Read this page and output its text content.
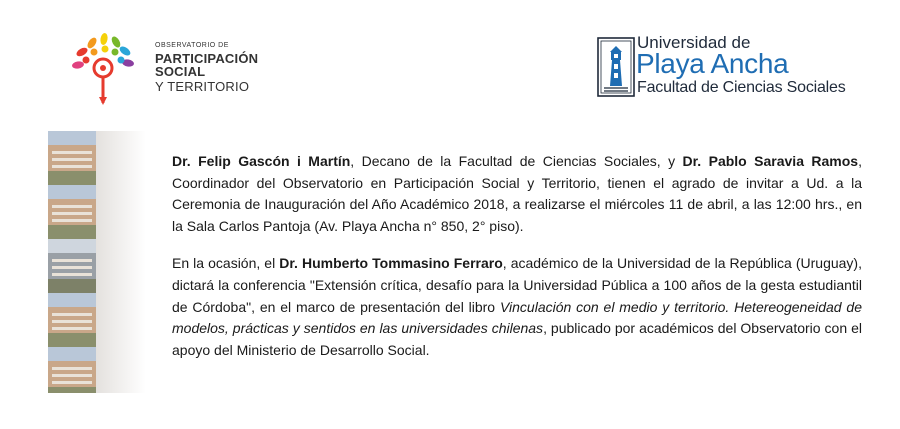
OBSERVATORIO DE
PARTICIPACIÓN SOCIAL
Y TERRITORIO
Universidad de
Playa Ancha
Facultad de Ciencias Sociales

Dr. Felip Gascón i Martín, Decano de la Facultad de Ciencias Sociales, y Dr. Pablo Saravia Ramos, Coordinador del Observatorio en Participación Social y Territorio, tienen el agrado de invitar a Ud. a la Ceremonia de Inauguración del Año Académico 2018, a realizarse el miércoles 11 de abril, a las 12:00 hrs., en la Sala Carlos Pantoja (Av. Playa Ancha n° 850, 2° piso).

En la ocasión, el Dr. Humberto Tommasino Ferraro, académico de la Universidad de la República (Uruguay), dictará la conferencia "Extensión crítica, desafío para la Universidad Pública a 100 años de la gesta estudiantil de Córdoba", en el marco de presentación del libro Vinculación con el medio y territorio. Hetereogeneidad de modelos, prácticas y sentidos en las universidades chilenas, publicado por académicos del Observatorio con el apoyo del Ministerio de Desarrollo Social.
